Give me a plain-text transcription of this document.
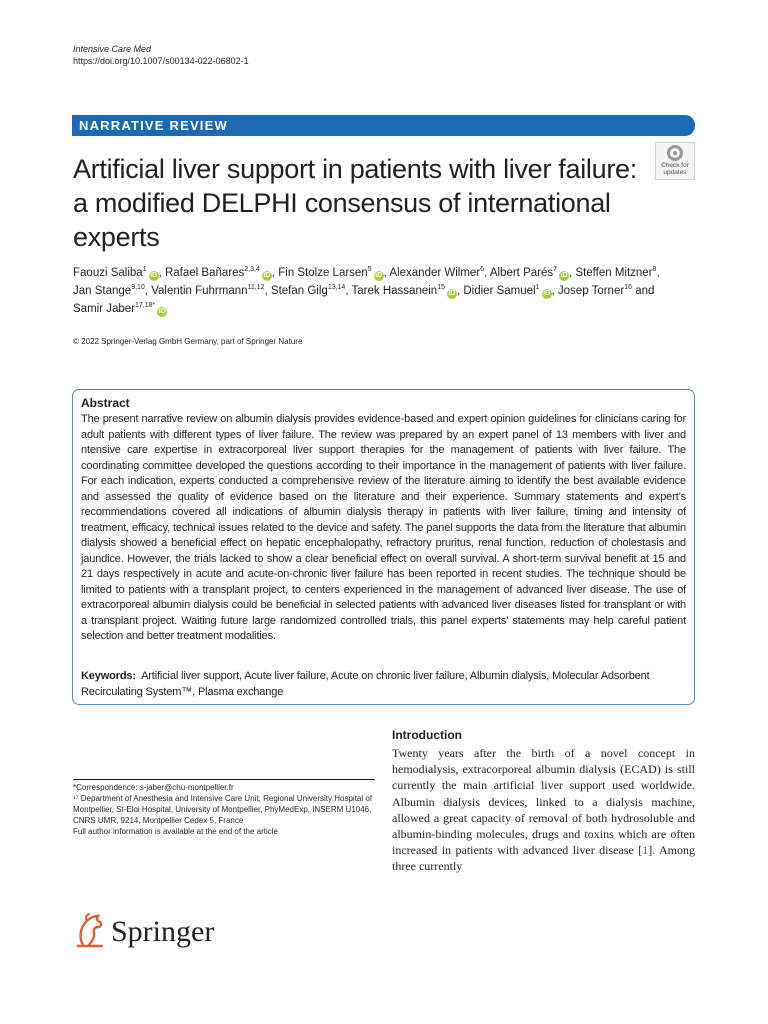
Intensive Care Med
https://doi.org/10.1007/s00134-022-06802-1
NARRATIVE REVIEW
Artificial liver support in patients with liver failure: a modified DELPHI consensus of international experts
Check for
updates
Faouzi Saliba$^1$iD , Rafael Bañares$^{2,3,4}$iD , Fin Stolze Larsen$^5$iD , Alexander Wilmer$^6$, Albert Parés$^7$iD , Steffen Mitzner$^8$, Jan Stange$^{9,10}$, Valentin Fuhrmann$^{11,12}$, Stefan Gilg$^{13,14}$, Tarek Hassanein$^{15}$iD , Didier Samuel$^1$iD , Josep Torner$^{16}$ and Samir Jaber$^{17,18*}$iD
© 2022 Springer-Verlag GmbH Germany, part of Springer Nature
Abstract
The present narrative review on albumin dialysis provides evidence-based and expert opinion guidelines for clinicians caring for adult patients with different types of liver failure. The review was prepared by an expert panel of 13 members with liver and ntensive care expertise in extracorporeal liver support therapies for the management of patients with liver failure. The coordinating committee developed the questions according to their importance in the management of patients with liver failure. For each indication, experts conducted a comprehensive review of the literature aiming to identify the best available evidence and assessed the quality of evidence based on the literature and their experience. Summary statements and expert’s recommendations covered all indications of albumin dialysis therapy in patients with liver failure, timing and intensity of treatment, efficacy, technical issues related to the device and safety. The panel supports the data from the literature that albumin dialysis showed a beneficial effect on hepatic encephalopathy, refractory pruritus, renal function, reduction of cholestasis and jaundice. However, the trials lacked to show a clear beneficial effect on overall survival. A short-term survival benefit at 15 and 21 days respectively in acute and acute-on-chronic liver failure has been reported in recent studies. The technique should be limited to patients with a transplant project, to centers experienced in the management of advanced liver disease. The use of extracorporeal albumin dialysis could be beneficial in selected patients with advanced liver diseases listed for transplant or with a transplant project. Waiting future large randomized controlled trials, this panel experts’ statements may help careful patient selection and better treatment modalities.
Keywords: Artificial liver support, Acute liver failure, Acute on chronic liver failure, Albumin dialysis, Molecular Adsorbent Recirculating System™, Plasma exchange
Introduction
Twenty years after the birth of a novel concept in hemodialysis, extracorporeal albumin dialysis (ECAD) is still currently the main artificial liver support used worldwide. Albumin dialysis devices, linked to a dialysis machine, allowed a great capacity of removal of both hydrosoluble and albumin-binding molecules, drugs and toxins which are often increased in patients with advanced liver disease [1]. Among three currently

*Correspondence: s-jaber@chu-montpellier.fr

¹⁷ Department of Anesthesia and Intensive Care Unit, Regional University Hospital of Montpellier, St-Eloi Hospital, University of Montpellier, PhyMedExp, INSERM U1046, CNRS UMR, 9214, Montpellier Cedex 5, France

Full author information is available at the end of the article

Springer
